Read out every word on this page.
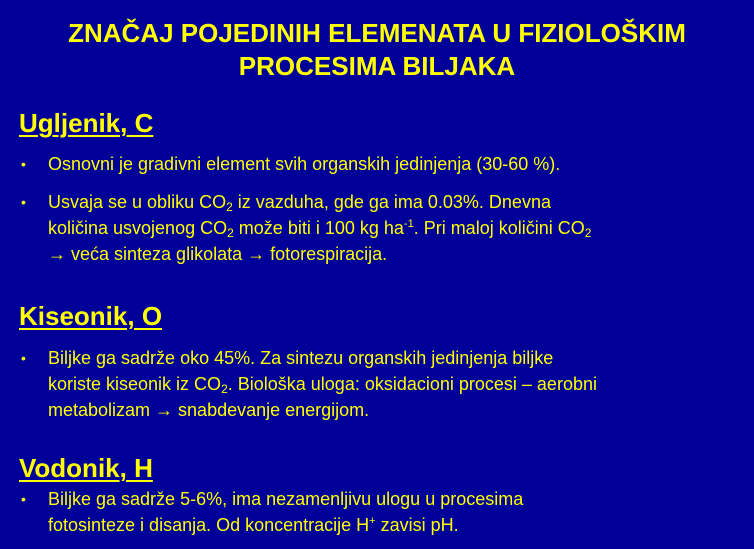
ZNAČAJ POJEDINIH ELEMENATA U FIZIOLOŠKIM
PROCESIMA BILJAKA
Ugljenik, C
• Osnovni je gradivni element svih organskih jedinjenja (30-60 %).
• Usvaja se u obliku $CO_2$ iz vazduha, gde ga ima 0.03%. Dnevna
količina usvojenog $CO_2$ može biti i 100 kg $ha^{-1}$. Pri maloj količini $CO_2$
→ veća sinteza glikolata → fotorespiracija.
Kiseonik, O
• Biljke ga sadrže oko 45%. Za sintezu organskih jedinjenja biljke
koriste kiseonik iz $CO_2$. Biološka uloga: oksidacioni procesi – aerobni
metabolizam → snabdevanje energijom.
Vodonik, H
• Biljke ga sadrže 5-6%, ima nezamenljivu ulogu u procesima
fotosinteze i disanja. Od koncentracije H+ zavisi pH.
